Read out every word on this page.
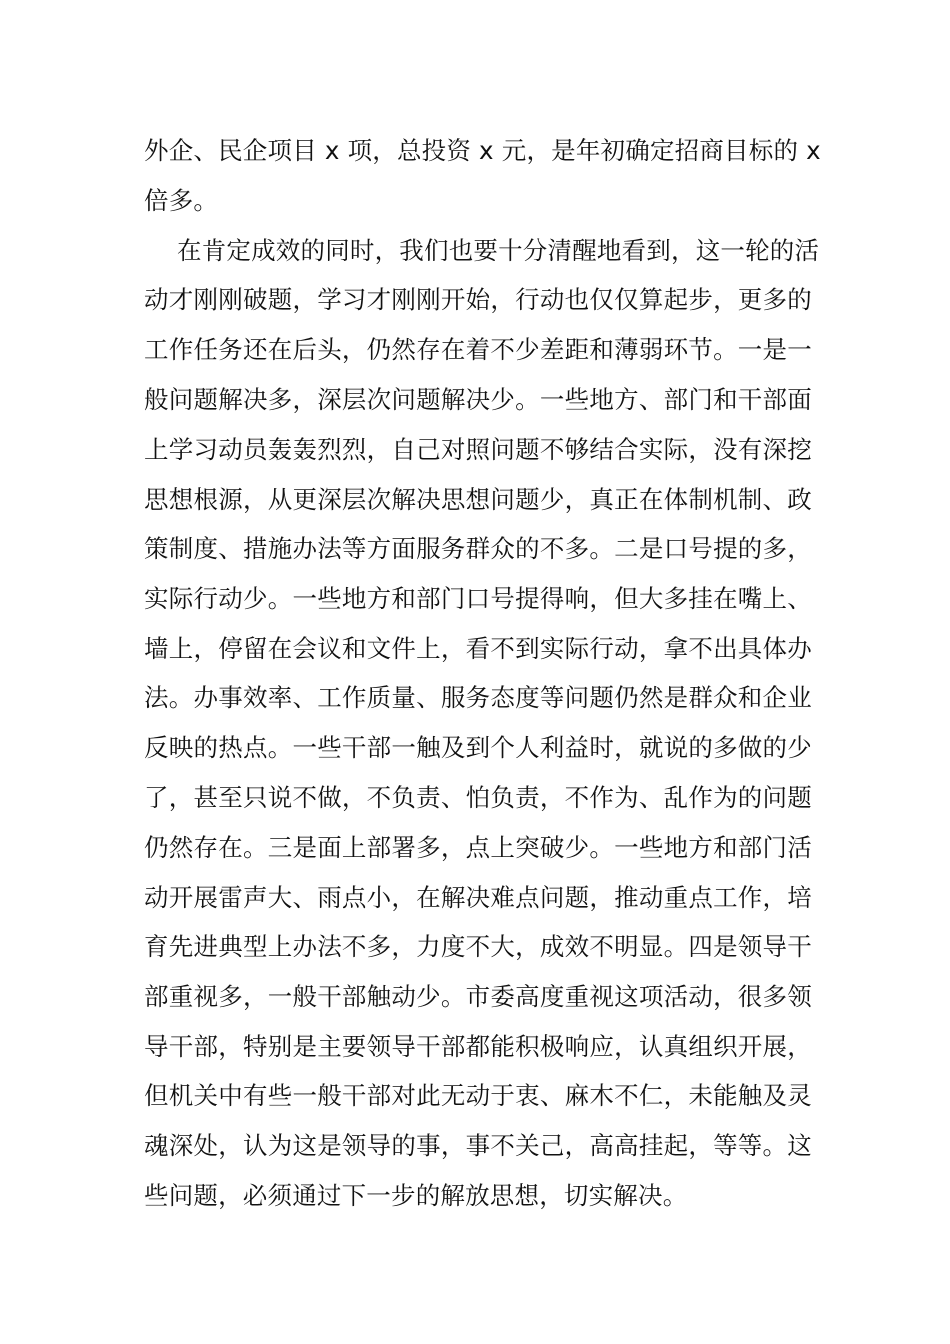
外企、民企项目 x 项，总投资 x 元，是年初确定招商目标的 x
倍多。
在肯定成效的同时，我们也要十分清醒地看到，这一轮的活
动才刚刚破题，学习才刚刚开始，行动也仅仅算起步，更多的
工作任务还在后头，仍然存在着不少差距和薄弱环节。一是一
般问题解决多，深层次问题解决少。一些地方、部门和干部面
上学习动员轰轰烈烈，自己对照问题不够结合实际，没有深挖
思想根源，从更深层次解决思想问题少，真正在体制机制、政
策制度、措施办法等方面服务群众的不多。二是口号提的多，
实际行动少。一些地方和部门口号提得响，但大多挂在嘴上、
墙上，停留在会议和文件上，看不到实际行动，拿不出具体办
法。办事效率、工作质量、服务态度等问题仍然是群众和企业
反映的热点。一些干部一触及到个人利益时，就说的多做的少
了，甚至只说不做，不负责、怕负责，不作为、乱作为的问题
仍然存在。三是面上部署多，点上突破少。一些地方和部门活
动开展雷声大、雨点小，在解决难点问题，推动重点工作，培
育先进典型上办法不多，力度不大，成效不明显。四是领导干
部重视多，一般干部触动少。市委高度重视这项活动，很多领
导干部，特别是主要领导干部都能积极响应，认真组织开展，
但机关中有些一般干部对此无动于衷、麻木不仁，未能触及灵
魂深处，认为这是领导的事，事不关己，高高挂起，等等。这
些问题，必须通过下一步的解放思想，切实解决。
